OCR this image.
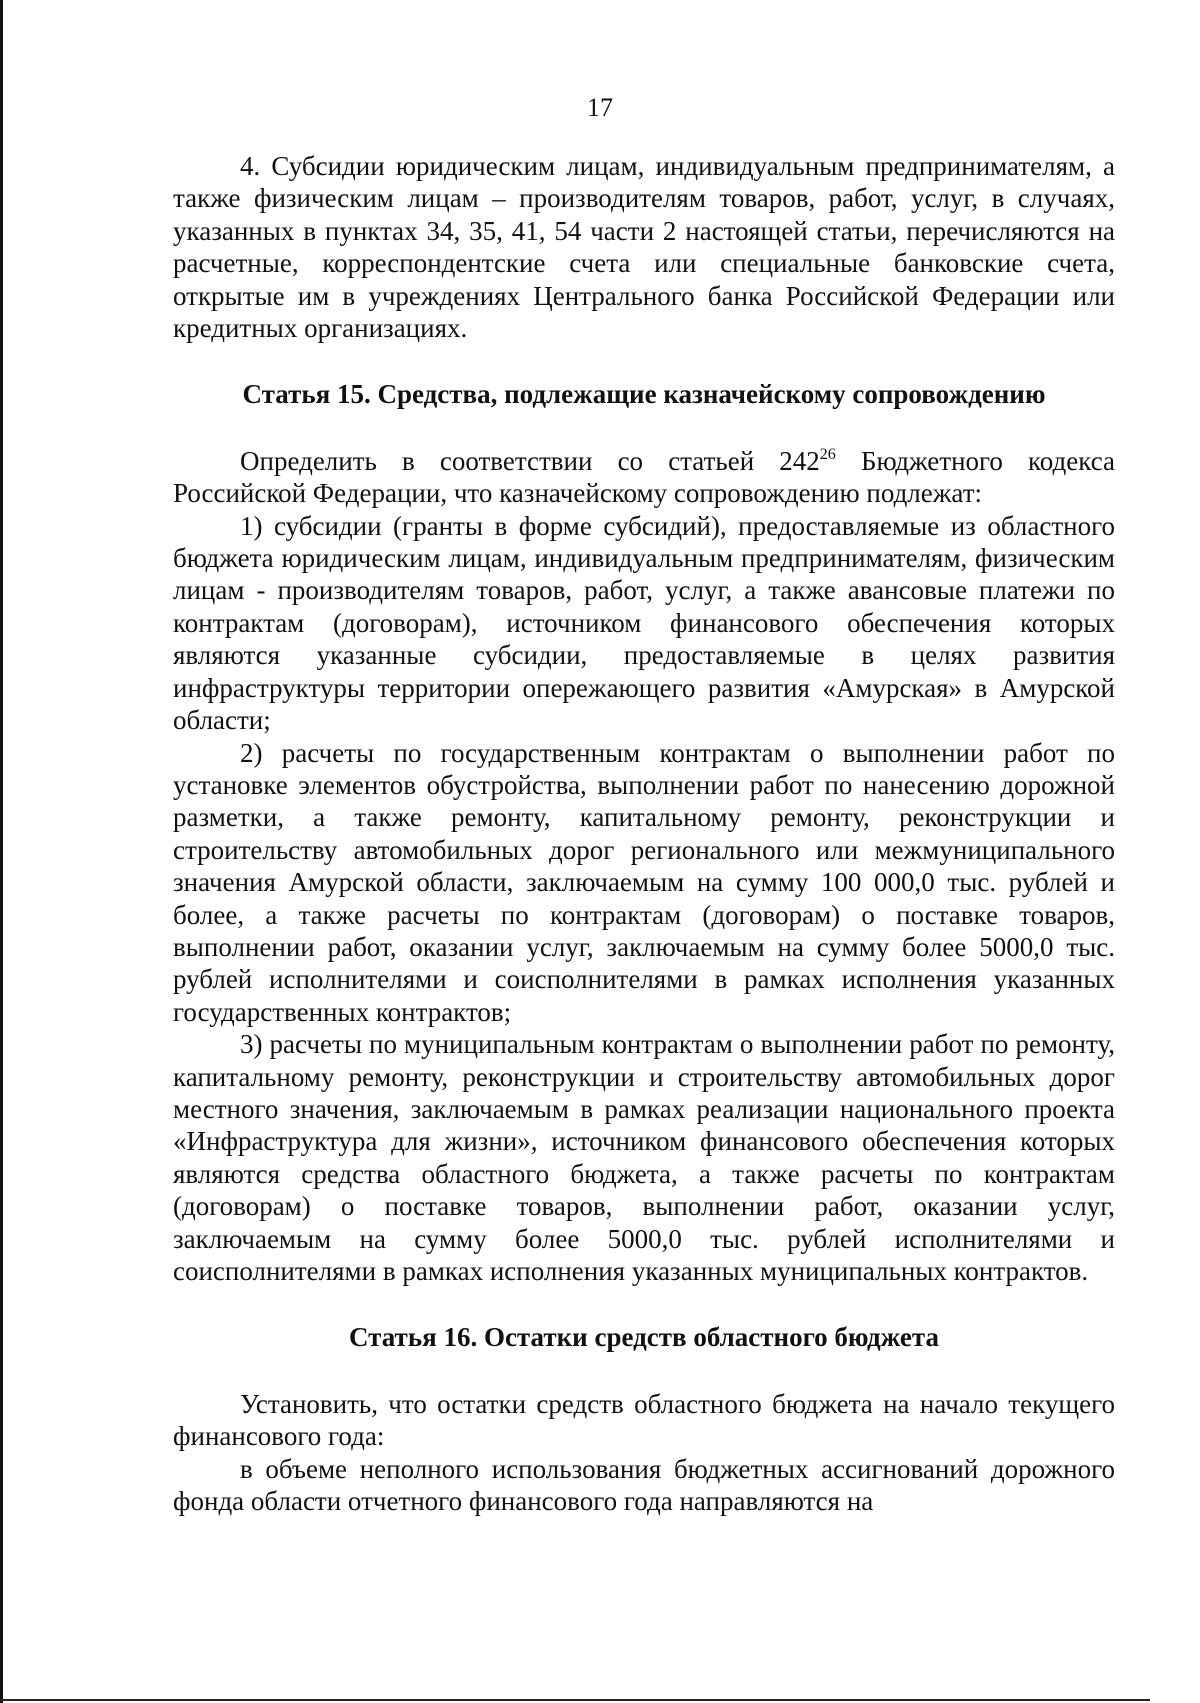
17

4. Субсидии юридическим лицам, индивидуальным предпринимателям, а также физическим лицам – производителям товаров, работ, услуг, в случаях, указанных в пунктах 34, 35, 41, 54 части 2 настоящей статьи, перечисляются на расчетные, корреспондентские счета или специальные банковские счета, открытые им в учреждениях Центрального банка Российской Федерации или кредитных организациях.

Статья 15. Средства, подлежащие казначейскому сопровождению

Определить в соответствии со статьей $242^{26}$ Бюджетного кодекса Российской Федерации, что казначейскому сопровождению подлежат:

1) субсидии (гранты в форме субсидий), предоставляемые из областного бюджета юридическим лицам, индивидуальным предпринимателям, физическим лицам - производителям товаров, работ, услуг, а также авансовые платежи по контрактам (договорам), источником финансового обеспечения которых являются указанные субсидии, предоставляемые в целях развития инфраструктуры территории опережающего развития «Амурская» в Амурской области;

2) расчеты по государственным контрактам о выполнении работ по установке элементов обустройства, выполнении работ по нанесению дорожной разметки, а также ремонту, капитальному ремонту, реконструкции и строительству автомобильных дорог регионального или межмуниципального значения Амурской области, заключаемым на сумму 100 000,0 тыс. рублей и более, а также расчеты по контрактам (договорам) о поставке товаров, выполнении работ, оказании услуг, заключаемым на сумму более 5000,0 тыс. рублей исполнителями и соисполнителями в рамках исполнения указанных государственных контрактов;

3) расчеты по муниципальным контрактам о выполнении работ по ремонту, капитальному ремонту, реконструкции и строительству автомобильных дорог местного значения, заключаемым в рамках реализации национального проекта «Инфраструктура для жизни», источником финансового обеспечения которых являются средства областного бюджета, а также расчеты по контрактам (договорам) о поставке товаров, выполнении работ, оказании услуг, заключаемым на сумму более 5000,0 тыс. рублей исполнителями и соисполнителями в рамках исполнения указанных муниципальных контрактов.

Статья 16. Остатки средств областного бюджета

Установить, что остатки средств областного бюджета на начало текущего финансового года:

в объеме неполного использования бюджетных ассигнований дорожного фонда области отчетного финансового года направляются на
